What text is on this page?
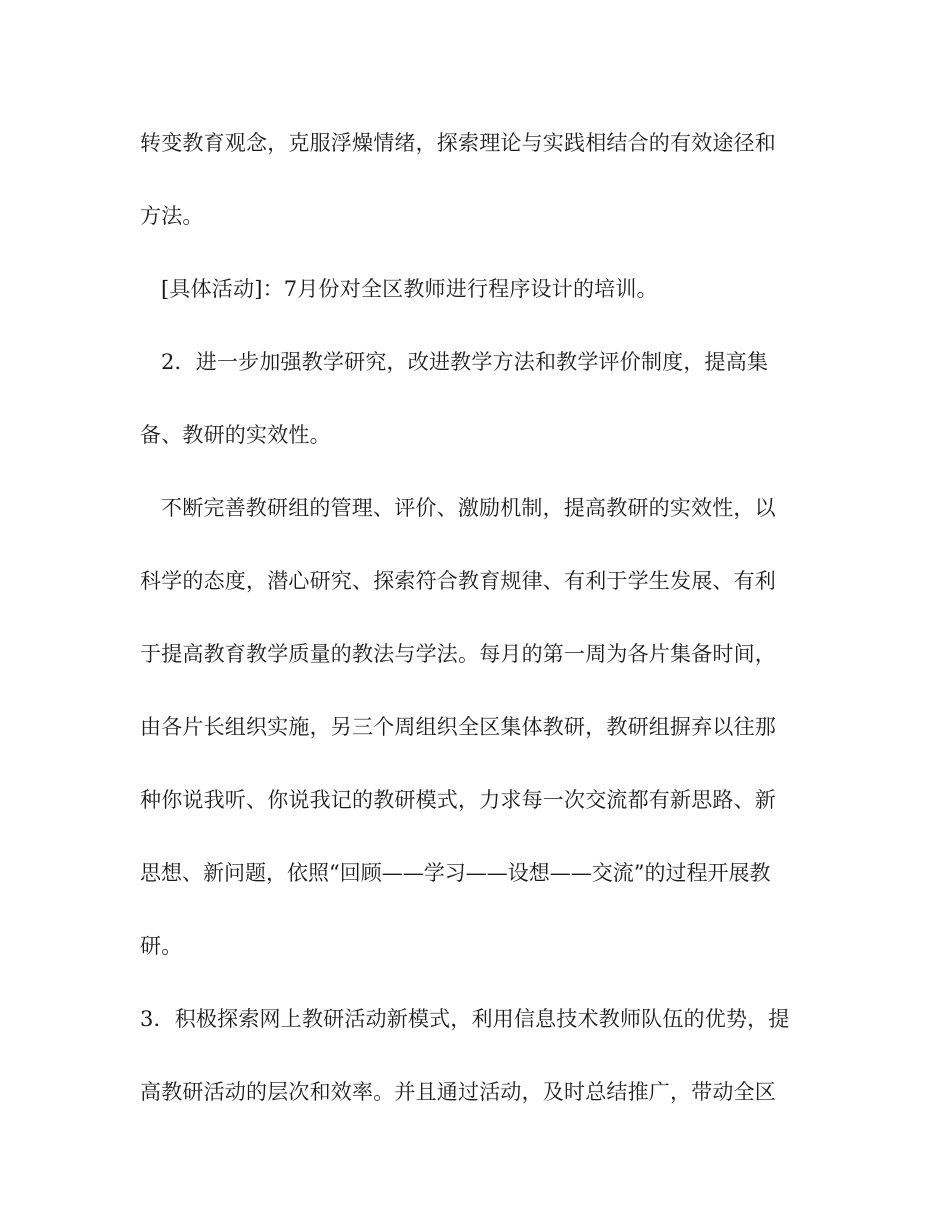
转变教育观念，克服浮燥情绪，探索理论与实践相结合的有效途径和

方法。

[具体活动]：7月份对全区教师进行程序设计的培训。

2．进一步加强教学研究，改进教学方法和教学评价制度，提高集

备、教研的实效性。

不断完善教研组的管理、评价、激励机制，提高教研的实效性，以

科学的态度，潜心研究、探索符合教育规律、有利于学生发展、有利

于提高教育教学质量的教法与学法。每月的第一周为各片集备时间，

由各片长组织实施，另三个周组织全区集体教研，教研组摒弃以往那

种你说我听、你说我记的教研模式，力求每一次交流都有新思路、新

思想、新问题，依照“回顾——学习——设想——交流”的过程开展教

研。

3．积极探索网上教研活动新模式，利用信息技术教师队伍的优势，提

高教研活动的层次和效率。并且通过活动，及时总结推广，带动全区
